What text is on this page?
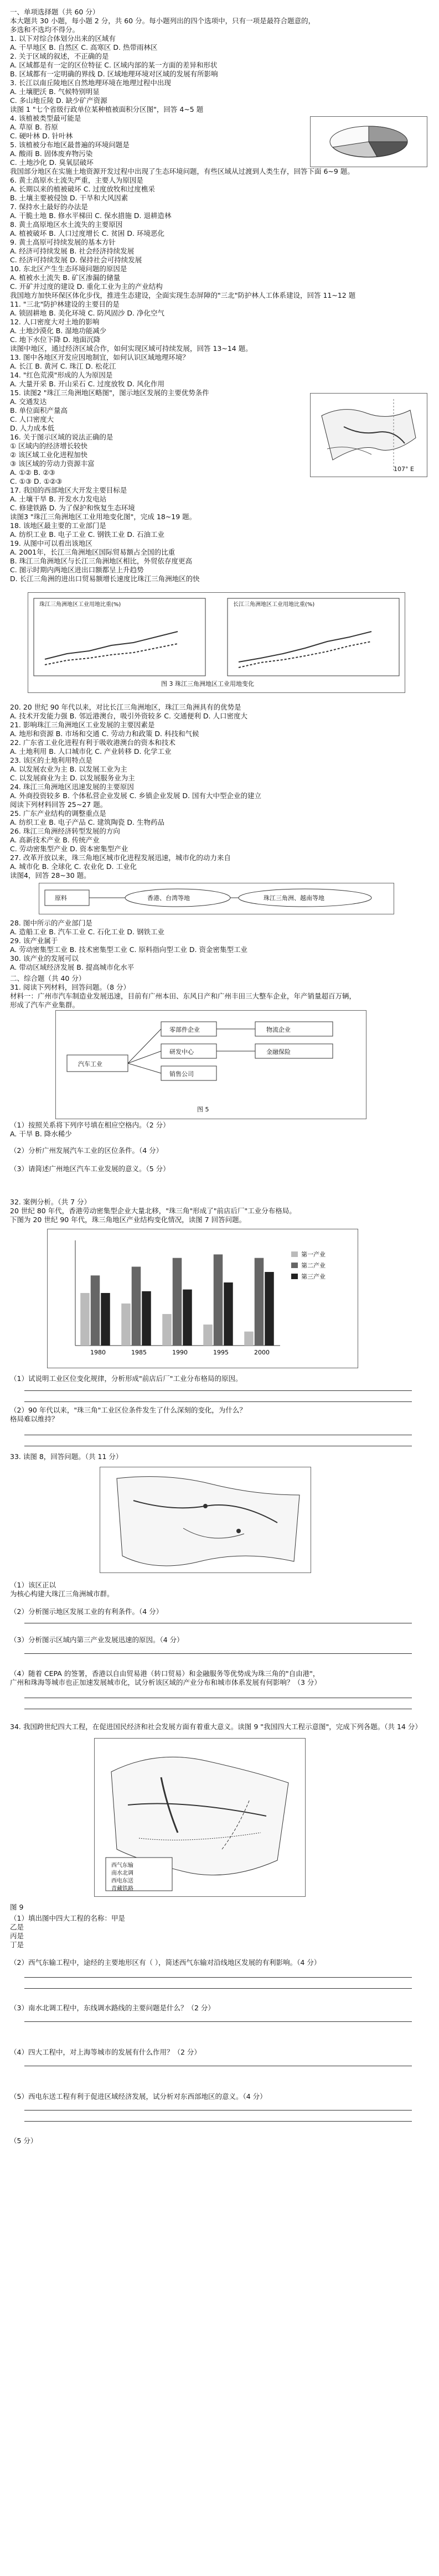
107° E
珠江三角洲地区工业用地比重(%)	长江三角洲地区工业用地比重(%)
图 3 珠江三角洲地区工业用地变化
原料	香港、台湾等地	珠江三角洲、越南等地
汽车工业
零部件企业
研发中心
销售公司
物流企业
金融保险
图 5
1980	1985	1990	1995	2000
第一产业
第二产业
第三产业
西气东输
南水北调
西电东送
青藏铁路
一、单项选择题（共 60 分）
本大题共 30 小题，每小题 2 分，共 60 分。每小题列出的四个选项中，只有一项是最符合题意的，
多选和不选均不得分。
1. 以下对综合体划分出来的区域有
A. 干旱地区 B. 自然区 C. 高寒区 D. 热带雨林区
2. 关于区域的叙述，不正确的是
A. 区域都是有一定的区位特征 C. 区域内部的某一方面的差异和形状
B. 区域都有一定明确的界线 D. 区域地理环境对区域的发展有所影响
3. 长江以南丘陵地区自然地理环境在地理过程中出现
A. 土壤肥沃 B. 气候特别明显
C. 多山地丘陵 D. 缺少矿产资源
读图 1 "七个省级行政单位某种植被面积分区图"，回答 4~5 题
4. 该植被类型最可能是
A. 草原 B. 苔原
C. 硬叶林 D. 针叶林
5. 该植被分布地区最普遍的环境问题是
A. 酸雨 B. 固体废弃物污染
C. 土地沙化 D. 臭氧层破坏
我国部分地区在实施土地资源开发过程中出现了生态环境问题，有些区域从过渡到人类生存，回答下面 6~9 题。
6. 黄土高原水土流失严重，主要人为原因是
A. 长期以来的植被破坏 C. 过度放牧和过度樵采
B. 土壤主要被侵蚀 D. 干旱和大风因素
7. 保持水土最好的办法是
A. 干脆土地 B. 修水平梯田 C. 保水措施 D. 退耕造林
8. 黄土高原地区水土流失的主要原因
A. 植被破坏 B. 人口过度增长 C. 贫困 D. 环境恶化
9. 黄土高原可持续发展的基本方针
A. 经济可持续发展 B. 社会经济持续发展
C. 经济可持续发展 D. 保持社会可持续发展
10. 东北区产生生态环境问题的原因是
A. 植被水土流失 B. 矿区渗漏的储量
C. 开矿并过度的建设 D. 重化工业为主的产业结构
我国地方加快环保区体化步伐，推进生态建设，全面实现生态屏障的"三北"防护林人工体系建设，回答 11~12 题
11. "三北"防护林建设的主要目的是
A. 锁固耕地 B. 美化环境 C. 防风固沙 D. 净化空气
12. 人口密度大对土地的影响
A. 土地沙漠化 B. 湿地功能减少
C. 地下水位下降 D. 地面沉降
读图中地区，通过经济区域合作，如何实现区域可持续发展，回答 13~14 题。
13. 图中各地区开发应因地制宜，如何认识区域地理环境？
A. 长江 B. 黄河 C. 珠江 D. 松花江
14. "红色荒漠"形成的人为原因是
A. 大量开采 B. 开山采石 C. 过度放牧 D. 风化作用
15. 读图2 "珠江三角洲地区略图"，图示地区发展的主要优势条件
A. 交通发达
B. 单位面积产量高
C. 人口密度大
D. 人力成本低
16. 关于图示区域的说法正确的是
① 区域内的经济增长较快
② 该区域工业化进程加快
③ 该区域的劳动力资源丰富
A. ①② B. ②③
C. ①③ D. ①②③
17. 我国的西部地区大开发主要目标是
A. 土壤干旱 B. 开发水力发电站
C. 修建铁路 D. 为了保护和恢复生态环境
读图3 "珠江三角洲地区工业用地变化图"，完成 18~19 题。
18. 该地区最主要的工业部门是
A. 纺织工业 B. 电子工业 C. 钢铁工业 D. 石油工业
19. 从图中可以看出该地区
A. 2001年，长江三角洲地区国际贸易额占全国的比重
B. 珠江三角洲地区与长江三角洲地区相比，外贸依存度更高
C. 图示时期内两地区进出口额都呈上升趋势
D. 长江三角洲的进出口贸易额增长速度比珠江三角洲地区的快
20. 20 世纪 90 年代以来，对比长江三角洲地区，珠江三角洲具有的优势是
A. 技术开发能力强 B. 邻近港澳台，吸引外资较多 C. 交通便利 D. 人口密度大
21. 影响珠江三角洲地区工业发展的主要因素是
A. 地形和资源 B. 市场和交通 C. 劳动力和政策 D. 科技和气候
22. 广东省工业化进程有利于吸收港澳台的资本和技术
A. 土地利用 B. 人口城市化 C. 产业转移 D. 化学工业
23. 该区的土地利用特点是
A. 以发展农业为主 B. 以发展工业为主
C. 以发展商业为主 D. 以发展服务业为主
24. 珠江三角洲地区迅速发展的主要原因
A. 外商投资较多 B. 个体私营企业发展 C. 乡镇企业发展 D. 国有大中型企业的建立
阅读下列材料回答 25~27 题。
25. 广东产业结构的调整重点是
A. 纺织工业 B. 电子产品 C. 建筑陶瓷 D. 生物药品
26. 珠江三角洲经济转型发展的方向
A. 高新技术产业 B. 传统产业
C. 劳动密集型产业 D. 资本密集型产业
27. 改革开放以来，珠三角地区城市化进程发展迅速，城市化的动力来自
A. 城市化 B. 全球化 C. 农业化 D. 工业化
读图4，回答 28~30 题。
28. 图中所示的产业部门是
A. 造船工业 B. 汽车工业 C. 石化工业 D. 钢铁工业
29. 该产业属于
A. 劳动密集型工业 B. 技术密集型工业 C. 原料指向型工业 D. 资金密集型工业
30. 该产业的发展可以
A. 带动区域经济发展 B. 提高城市化水平
二、综合题（共 40 分）
31. 阅读下列材料，回答问题。（8 分）
材料一：广州市汽车制造业发展迅速，目前有广州本田、东风日产和广州丰田三大整车企业，年产销量超百万辆，
形成了汽车产业集群。
（1）按照关系将下列序号填在相应空格内。（2 分）
A. 干旱 B. 降水稀少
（2）分析广州发展汽车工业的区位条件。（4 分）
（3）请简述广州地区汽车工业发展的意义。（5 分）
32. 案例分析。（共 7 分）
20 世纪 80 年代，香港劳动密集型企业大量北移，"珠三角"形成了"前店后厂"工业分布格局。
下图为 20 世纪 90 年代，珠三角地区产业结构变化情况，读图 7 回答问题。
（1）试说明工业区位变化规律，分析形成"前店后厂"工业分布格局的原因。
（2）90 年代以来，"珠三角"工业区位条件发生了什么深刻的变化，为什么？
格局难以维持？
33. 读图 8，回答问题。（共 11 分）
（1）该区正以
为核心构建大珠江三角洲城市群。
（2）分析图示地区发展工业的有利条件。（4 分）
（3）分析图示区域内第三产业发展迅速的原因。（4 分）
（4）随着 CEPA 的签署，香港以自由贸易港（转口贸易）和金融服务等优势成为珠三角的"自由港"，
广州和珠海等城市也正加速发展城市化，试分析该区域的产业分布和城市体系发展有何影响？（3 分）
34. 我国跨世纪四大工程，在促进国民经济和社会发展方面有着重大意义。读图 9 "我国四大工程示意图"，完成下列各题。（共 14 分）
图 9
（1）填出图中四大工程的名称：甲是
乙是
丙是
丁是
（2）西气东输工程中，途经的主要地形区有（ ），简述西气东输对沿线地区发展的有利影响。（4 分）
（3）南水北调工程中，东线调水路线的主要问题是什么？（2 分）
（4）四大工程中，对上海等城市的发展有什么作用？（2 分）
（5）西电东送工程有利于促进区域经济发展，试分析对东西部地区的意义。（4 分）
（5 分）
